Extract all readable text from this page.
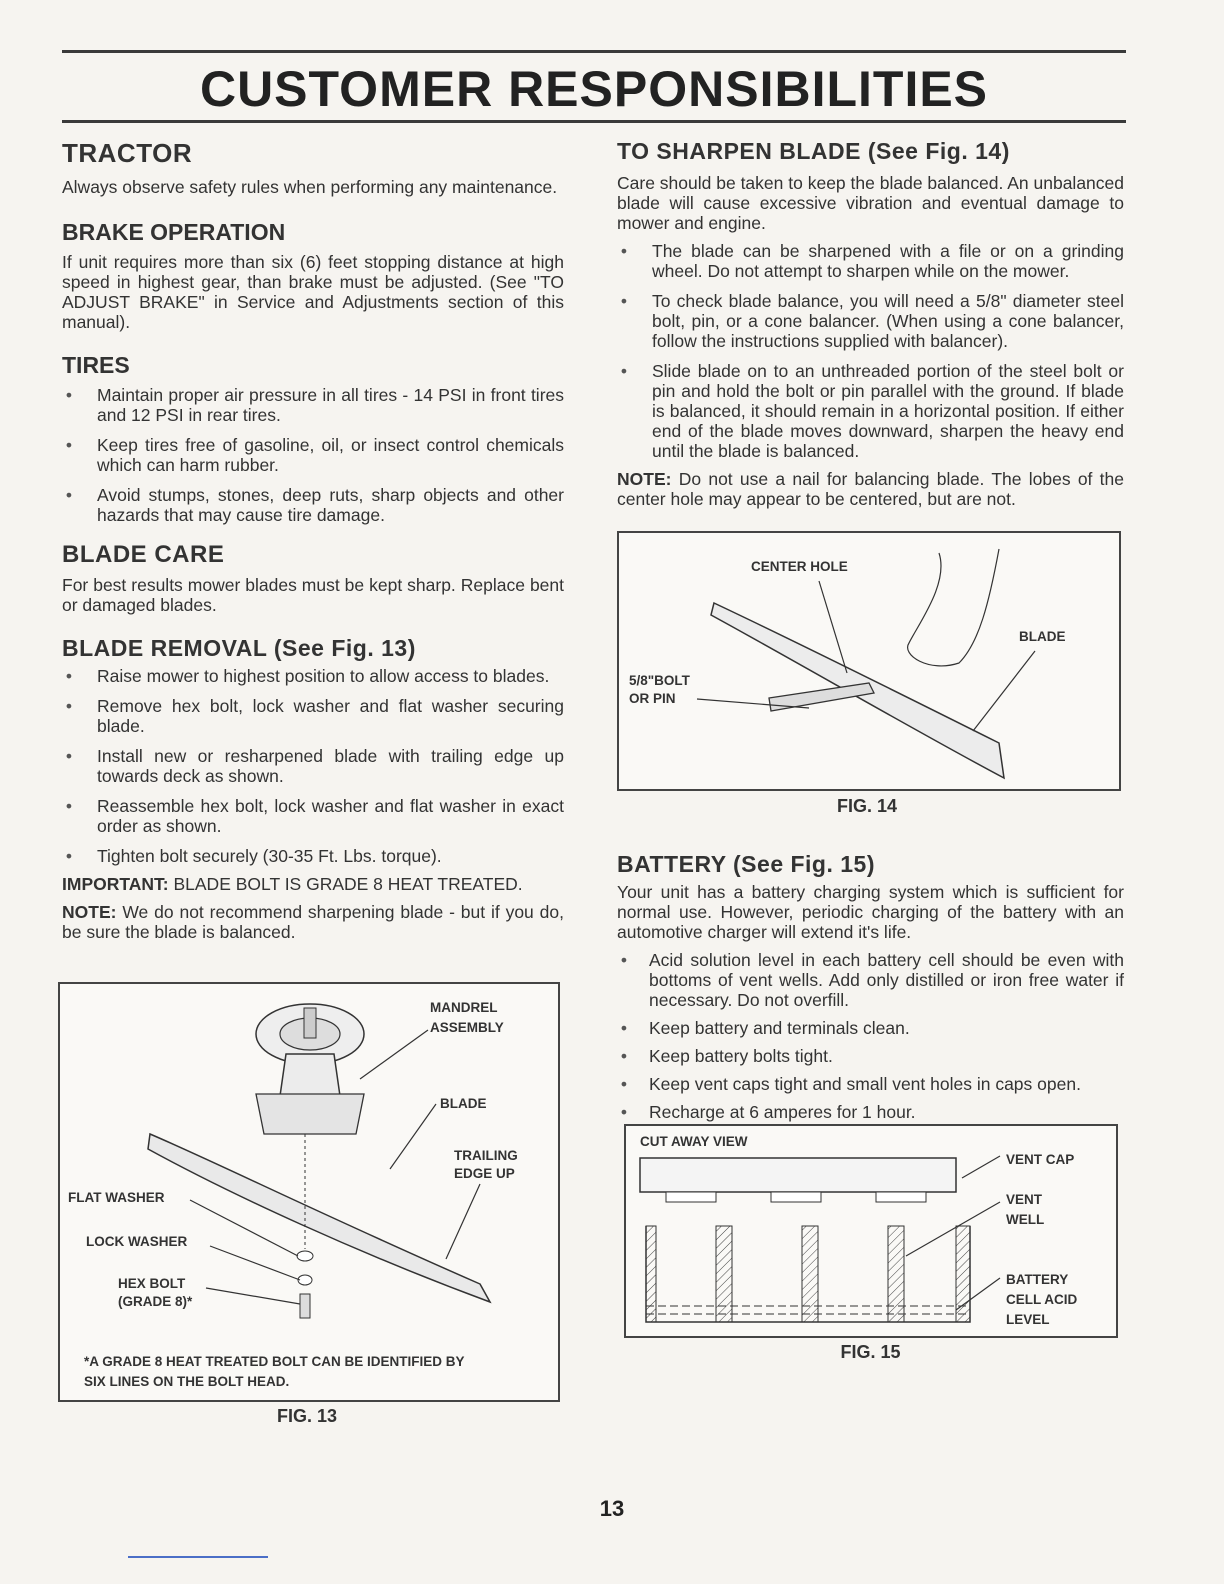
CUSTOMER RESPONSIBILITIES
TRACTOR

Always observe safety rules when performing any maintenance.

BRAKE OPERATION

If unit requires more than six (6) feet stopping distance at high speed in highest gear, than brake must be adjusted. (See "TO ADJUST BRAKE" in Service and Adjustments section of this manual).

TIRES
• Maintain proper air pressure in all tires - 14 PSI in front tires and 12 PSI in rear tires.
• Keep tires free of gasoline, oil, or insect control chemicals which can harm rubber.
• Avoid stumps, stones, deep ruts, sharp objects and other hazards that may cause tire damage.
BLADE CARE

For best results mower blades must be kept sharp. Replace bent or damaged blades.

BLADE REMOVAL (See Fig. 13)
• Raise mower to highest position to allow access to blades.
• Remove hex bolt, lock washer and flat washer securing blade.
• Install new or resharpened blade with trailing edge up towards deck as shown.
• Reassemble hex bolt, lock washer and flat washer in exact order as shown.
• Tighten bolt securely (30-35 Ft. Lbs. torque).

IMPORTANT: BLADE BOLT IS GRADE 8 HEAT TREATED.

NOTE: We do not recommend sharpening blade - but if you do, be sure the blade is balanced.

MANDREL
ASSEMBLY
BLADE
TRAILING
EDGE UP
FLAT WASHER
LOCK WASHER
HEX BOLT
(GRADE 8)*
*A GRADE 8 HEAT TREATED BOLT CAN BE IDENTIFIED BY
SIX LINES ON THE BOLT HEAD.
FIG. 13
TO SHARPEN BLADE (See Fig. 14)

Care should be taken to keep the blade balanced. An unbalanced blade will cause excessive vibration and eventual damage to mower and engine.

• The blade can be sharpened with a file or on a grinding wheel. Do not attempt to sharpen while on the mower.
• To check blade balance, you will need a 5/8" diameter steel bolt, pin, or a cone balancer. (When using a cone balancer, follow the instructions supplied with balancer).
• Slide blade on to an unthreaded portion of the steel bolt or pin and hold the bolt or pin parallel with the ground. If blade is balanced, it should remain in a horizontal position. If either end of the blade moves downward, sharpen the heavy end until the blade is balanced.

NOTE: Do not use a nail for balancing blade. The lobes of the center hole may appear to be centered, but are not.

CENTER HOLE
BLADE
5/8"BOLT
OR PIN
FIG. 14
BATTERY (See Fig. 15)

Your unit has a battery charging system which is sufficient for normal use. However, periodic charging of the battery with an automotive charger will extend it's life.

• Acid solution level in each battery cell should be even with bottoms of vent wells. Add only distilled or iron free water if necessary. Do not overfill.
• Keep battery and terminals clean.
• Keep battery bolts tight.
• Keep vent caps tight and small vent holes in caps open.
• Recharge at 6 amperes for 1 hour.
CUT AWAY VIEW
VENT CAP
VENT
WELL
BATTERY
CELL ACID
LEVEL
FIG. 15
13
